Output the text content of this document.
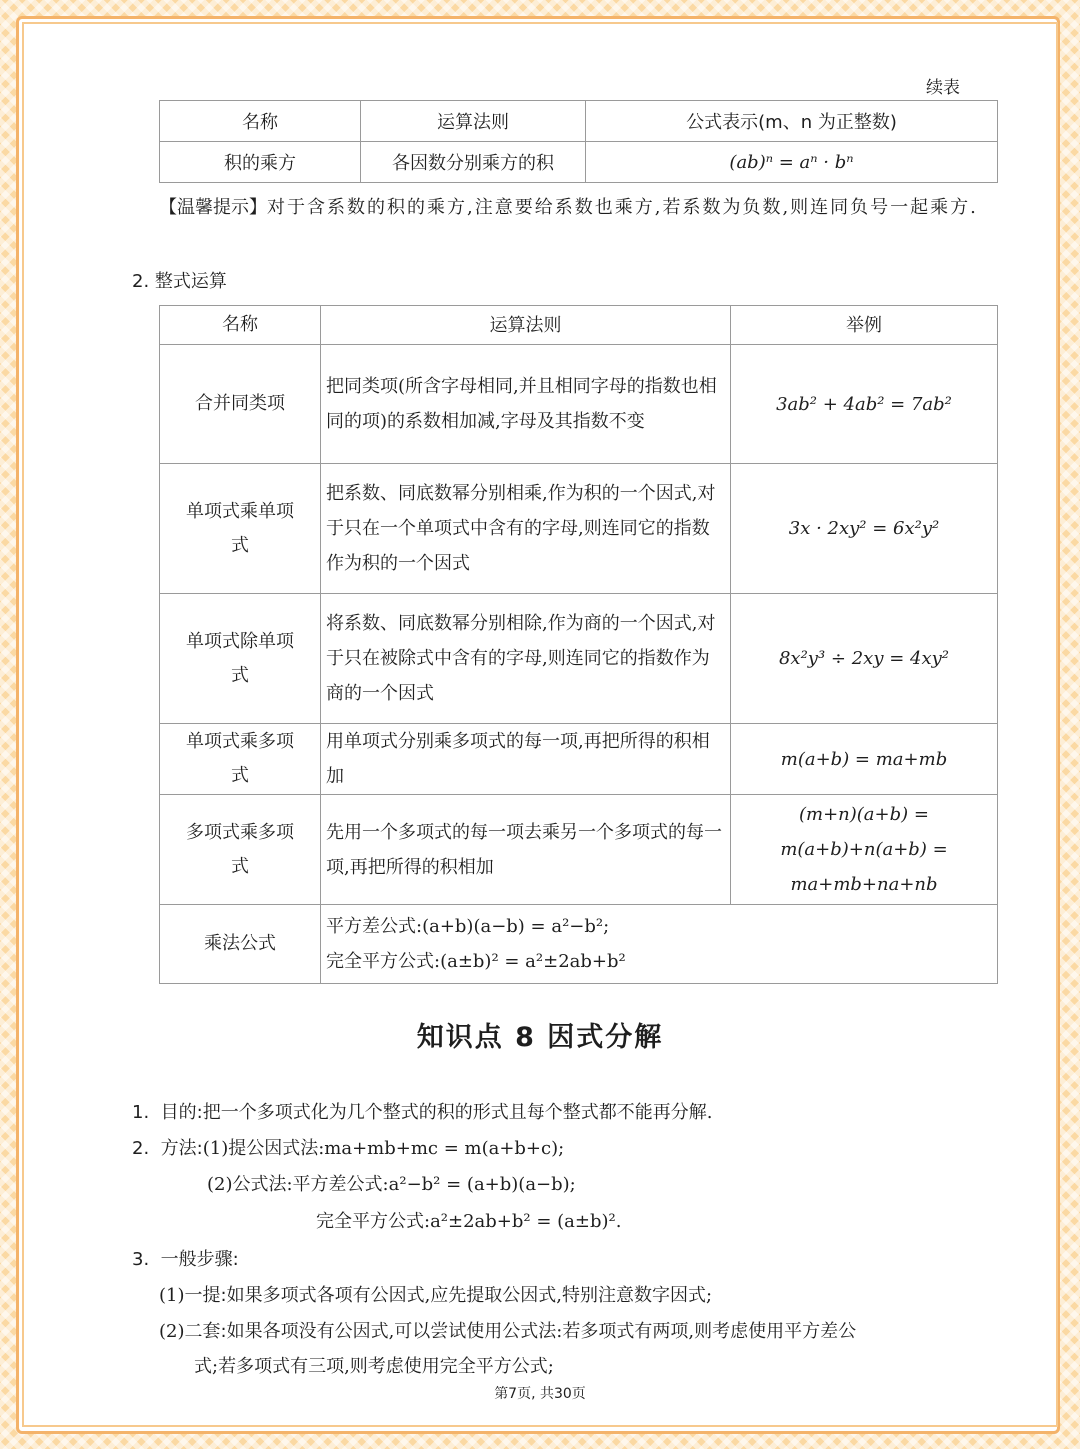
续表
名称	运算法则	公式表示(m、n 为正整数)
积的乘方	各因数分别乘方的积	(ab)ⁿ = aⁿ · bⁿ
【温馨提示】对于含系数的积的乘方,注意要给系数也乘方,若系数为负数,则连同负号一起乘方.
2. 整式运算
名称	运算法则	举例
合并同类项	把同类项(所含字母相同,并且相同字母的指数也相同的项)的系数相加减,字母及其指数不变	3ab² + 4ab² = 7ab²
单项式乘单项式	把系数、同底数幂分别相乘,作为积的一个因式,对于只在一个单项式中含有的字母,则连同它的指数作为积的一个因式	3x · 2xy² = 6x²y²
单项式除单项式	将系数、同底数幂分别相除,作为商的一个因式,对于只在被除式中含有的字母,则连同它的指数作为商的一个因式	8x²y³ ÷ 2xy = 4xy²
单项式乘多项式	用单项式分别乘多项式的每一项,再把所得的积相加	m(a+b) = ma+mb
多项式乘多项式	先用一个多项式的每一项去乘另一个多项式的每一项,再把所得的积相加	(m+n)(a+b) =
m(a+b)+n(a+b) =
ma+mb+na+nb

乘法公式	平方差公式:(a+b)(a−b) = a²−b²;
完全平方公式:(a±b)² = a²±2ab+b²	
知识点 8 因式分解
1. 目的:把一个多项式化为几个整式的积的形式且每个整式都不能再分解.
2. 方法:(1)提公因式法:ma+mb+mc = m(a+b+c);
(2)公式法:平方差公式:a²−b² = (a+b)(a−b);
完全平方公式:a²±2ab+b² = (a±b)².
3. 一般步骤:
(1)一提:如果多项式各项有公因式,应先提取公因式,特别注意数字因式;
(2)二套:如果各项没有公因式,可以尝试使用公式法:若多项式有两项,则考虑使用平方差公
式;若多项式有三项,则考虑使用完全平方公式;
第7页, 共30页
